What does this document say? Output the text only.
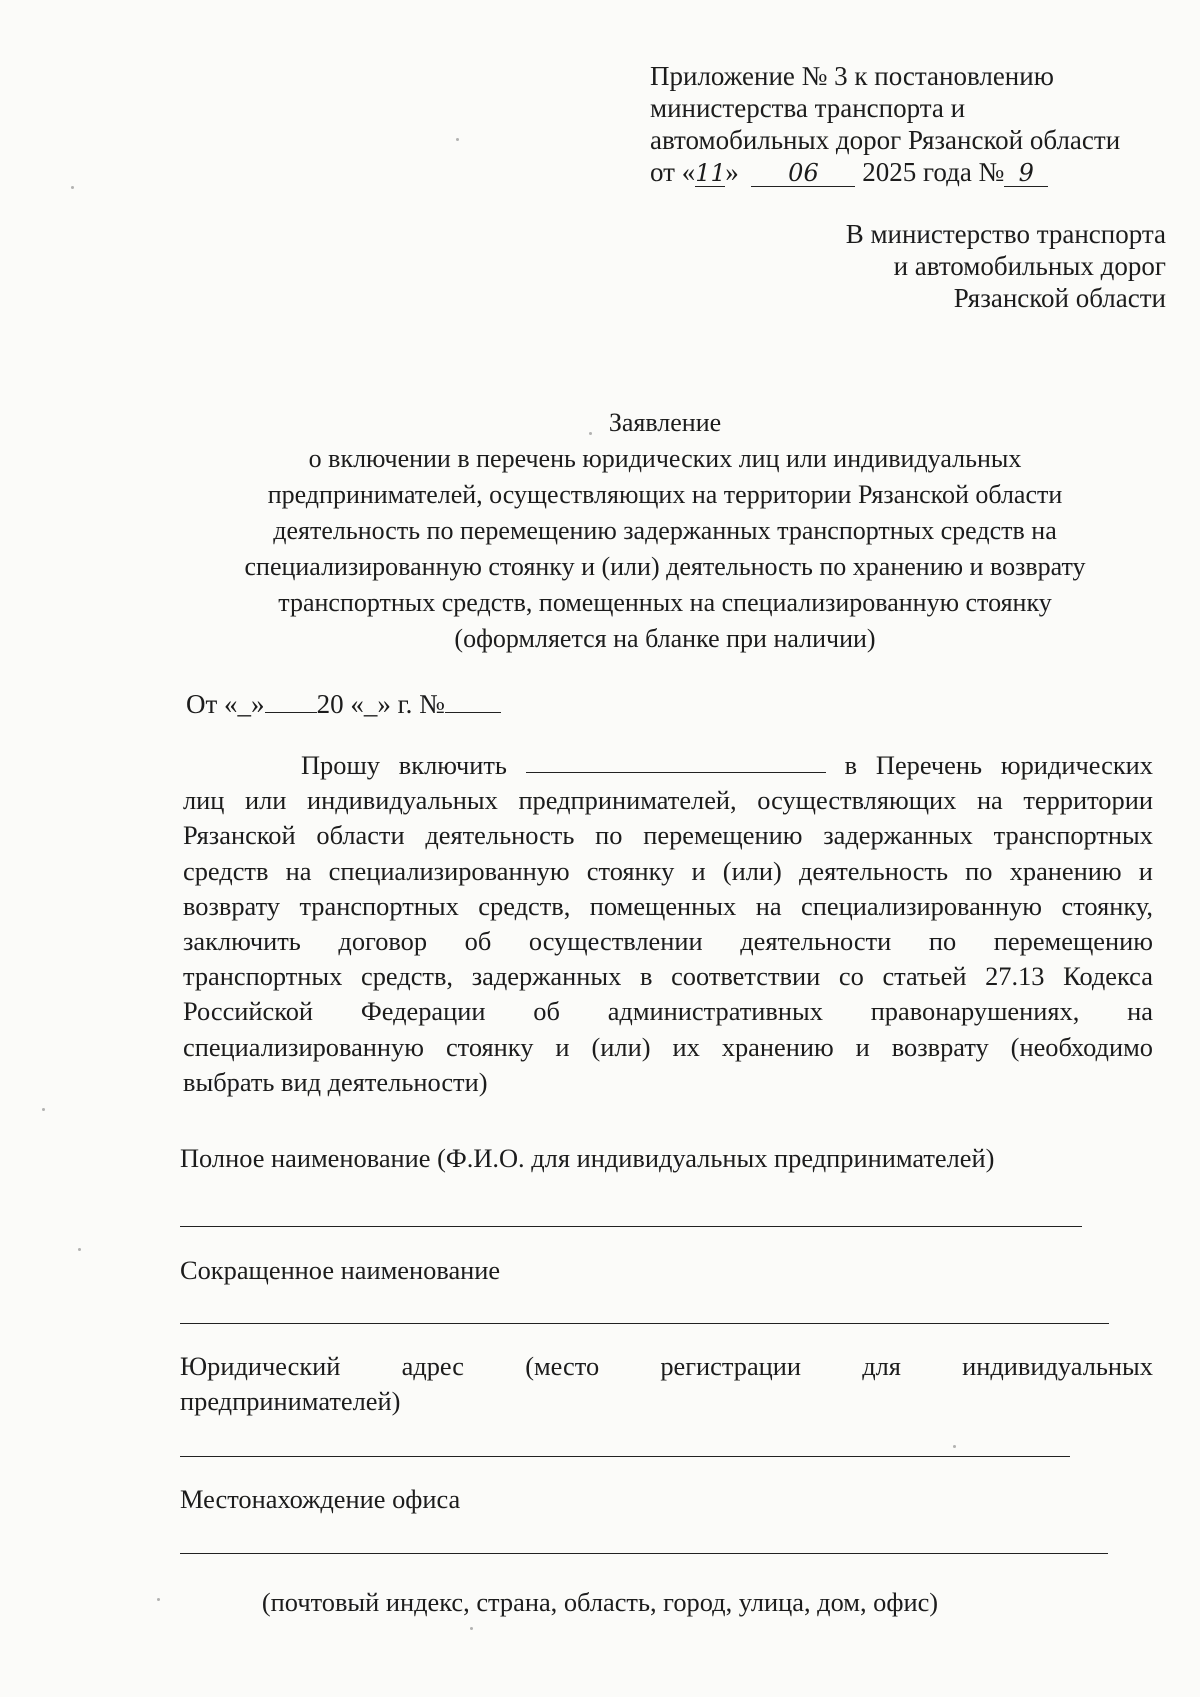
Приложение № 3 к постановлению
министерства транспорта и
автомобильных дорог Рязанской области
от «11» 06 2025 года № 9
В министерство транспорта
и автомобильных дорог
Рязанской области
Заявление
о включении в перечень юридических лиц или индивидуальных
предпринимателей, осуществляющих на территории Рязанской области
деятельность по перемещению задержанных транспортных средств на
специализированную стоянку и (или) деятельность по хранению и возврату
транспортных средств, помещенных на специализированную стоянку
(оформляется на бланке при наличии)
От «_» 20 «_» г. №
Прошу включить	в Перечень юридических
лиц или индивидуальных предпринимателей, осуществляющих на территории
Рязанской области деятельность по перемещению задержанных транспортных
средств на специализированную стоянку и (или) деятельность по хранению и
возврату транспортных средств, помещенных на специализированную стоянку,
заключить договор об осуществлении деятельности по перемещению
транспортных средств, задержанных в соответствии со статьей 27.13 Кодекса
Российской Федерации об административных правонарушениях, на
специализированную стоянку и (или) их хранению и возврату (необходимо
выбрать вид деятельности)
Полное наименование (Ф.И.О. для индивидуальных предпринимателей)
Сокращенное наименование
Юридический адрес (место регистрации для индивидуальных
предпринимателей)
Местонахождение офиса
(почтовый индекс, страна, область, город, улица, дом, офис)
